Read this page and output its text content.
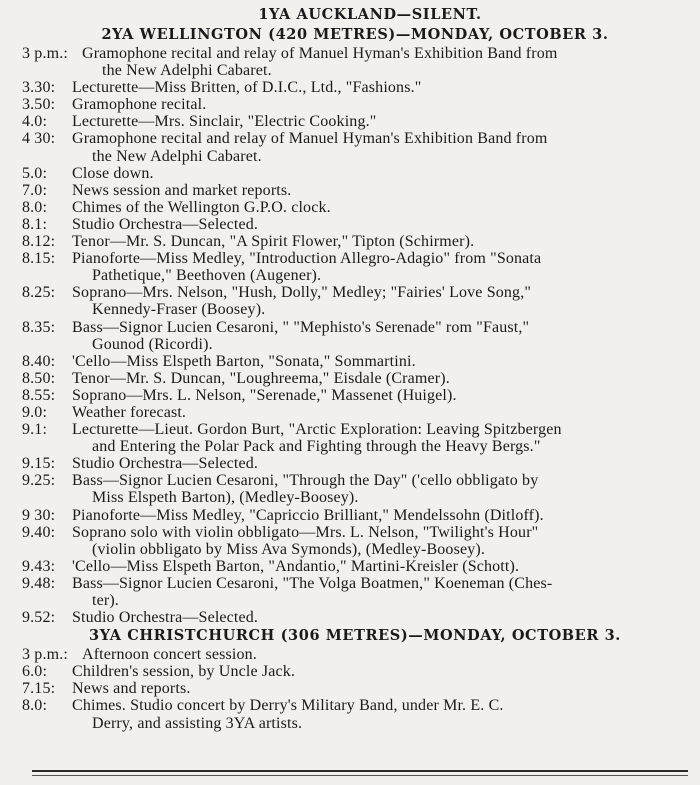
1YA AUCKLAND—SILENT.
2YA WELLINGTON (420 METRES)—MONDAY, OCTOBER 3.
3 p.m.: Gramophone recital and relay of Manuel Hyman's Exhibition Band from
the New Adelphi Cabaret.
3.30:	Lecturette—Miss Britten, of D.I.C., Ltd., "Fashions."
3.50:	Gramophone recital.
4.0:	Lecturette—Mrs. Sinclair, "Electric Cooking."
4 30:	Gramophone recital and relay of Manuel Hyman's Exhibition Band from
the New Adelphi Cabaret.
5.0:	Close down.
7.0:	News session and market reports.
8.0:	Chimes of the Wellington G.P.O. clock.
8.1:	Studio Orchestra—Selected.
8.12:	Tenor—Mr. S. Duncan, "A Spirit Flower," Tipton (Schirmer).
8.15:	Pianoforte—Miss Medley, "Introduction Allegro-Adagio" from "Sonata
Pathetique," Beethoven (Augener).
8.25:	Soprano—Mrs. Nelson, "Hush, Dolly," Medley; "Fairies' Love Song,"
Kennedy-Fraser (Boosey).
8.35:	Bass—Signor Lucien Cesaroni, " "Mephisto's Serenade" rom "Faust,"
Gounod (Ricordi).
8.40:	'Cello—Miss Elspeth Barton, "Sonata," Sommartini.
8.50:	Tenor—Mr. S. Duncan, "Loughreema," Eisdale (Cramer).
8.55:	Soprano—Mrs. L. Nelson, "Serenade," Massenet (Huigel).
9.0:	Weather forecast.
9.1:	Lecturette—Lieut. Gordon Burt, "Arctic Exploration: Leaving Spitzbergen
and Entering the Polar Pack and Fighting through the Heavy Bergs."
9.15:	Studio Orchestra—Selected.
9.25:	Bass—Signor Lucien Cesaroni, "Through the Day" ('cello obbligato by
Miss Elspeth Barton), (Medley-Boosey).
9 30:	Pianoforte—Miss Medley, "Capriccio Brilliant," Mendelssohn (Ditloff).
9.40:	Soprano solo with violin obbligato—Mrs. L. Nelson, "Twilight's Hour"
(violin obbligato by Miss Ava Symonds), (Medley-Boosey).
9.43:	'Cello—Miss Elspeth Barton, "Andantio," Martini-Kreisler (Schott).
9.48:	Bass—Signor Lucien Cesaroni, "The Volga Boatmen," Koeneman (Ches-
ter).
9.52:	Studio Orchestra—Selected.
3YA CHRISTCHURCH (306 METRES)—MONDAY, OCTOBER 3.
3 p.m.: Afternoon concert session.
6.0:	Children's session, by Uncle Jack.
7.15:	News and reports.
8.0:	Chimes. Studio concert by Derry's Military Band, under Mr. E. C.
Derry, and assisting 3YA artists.
